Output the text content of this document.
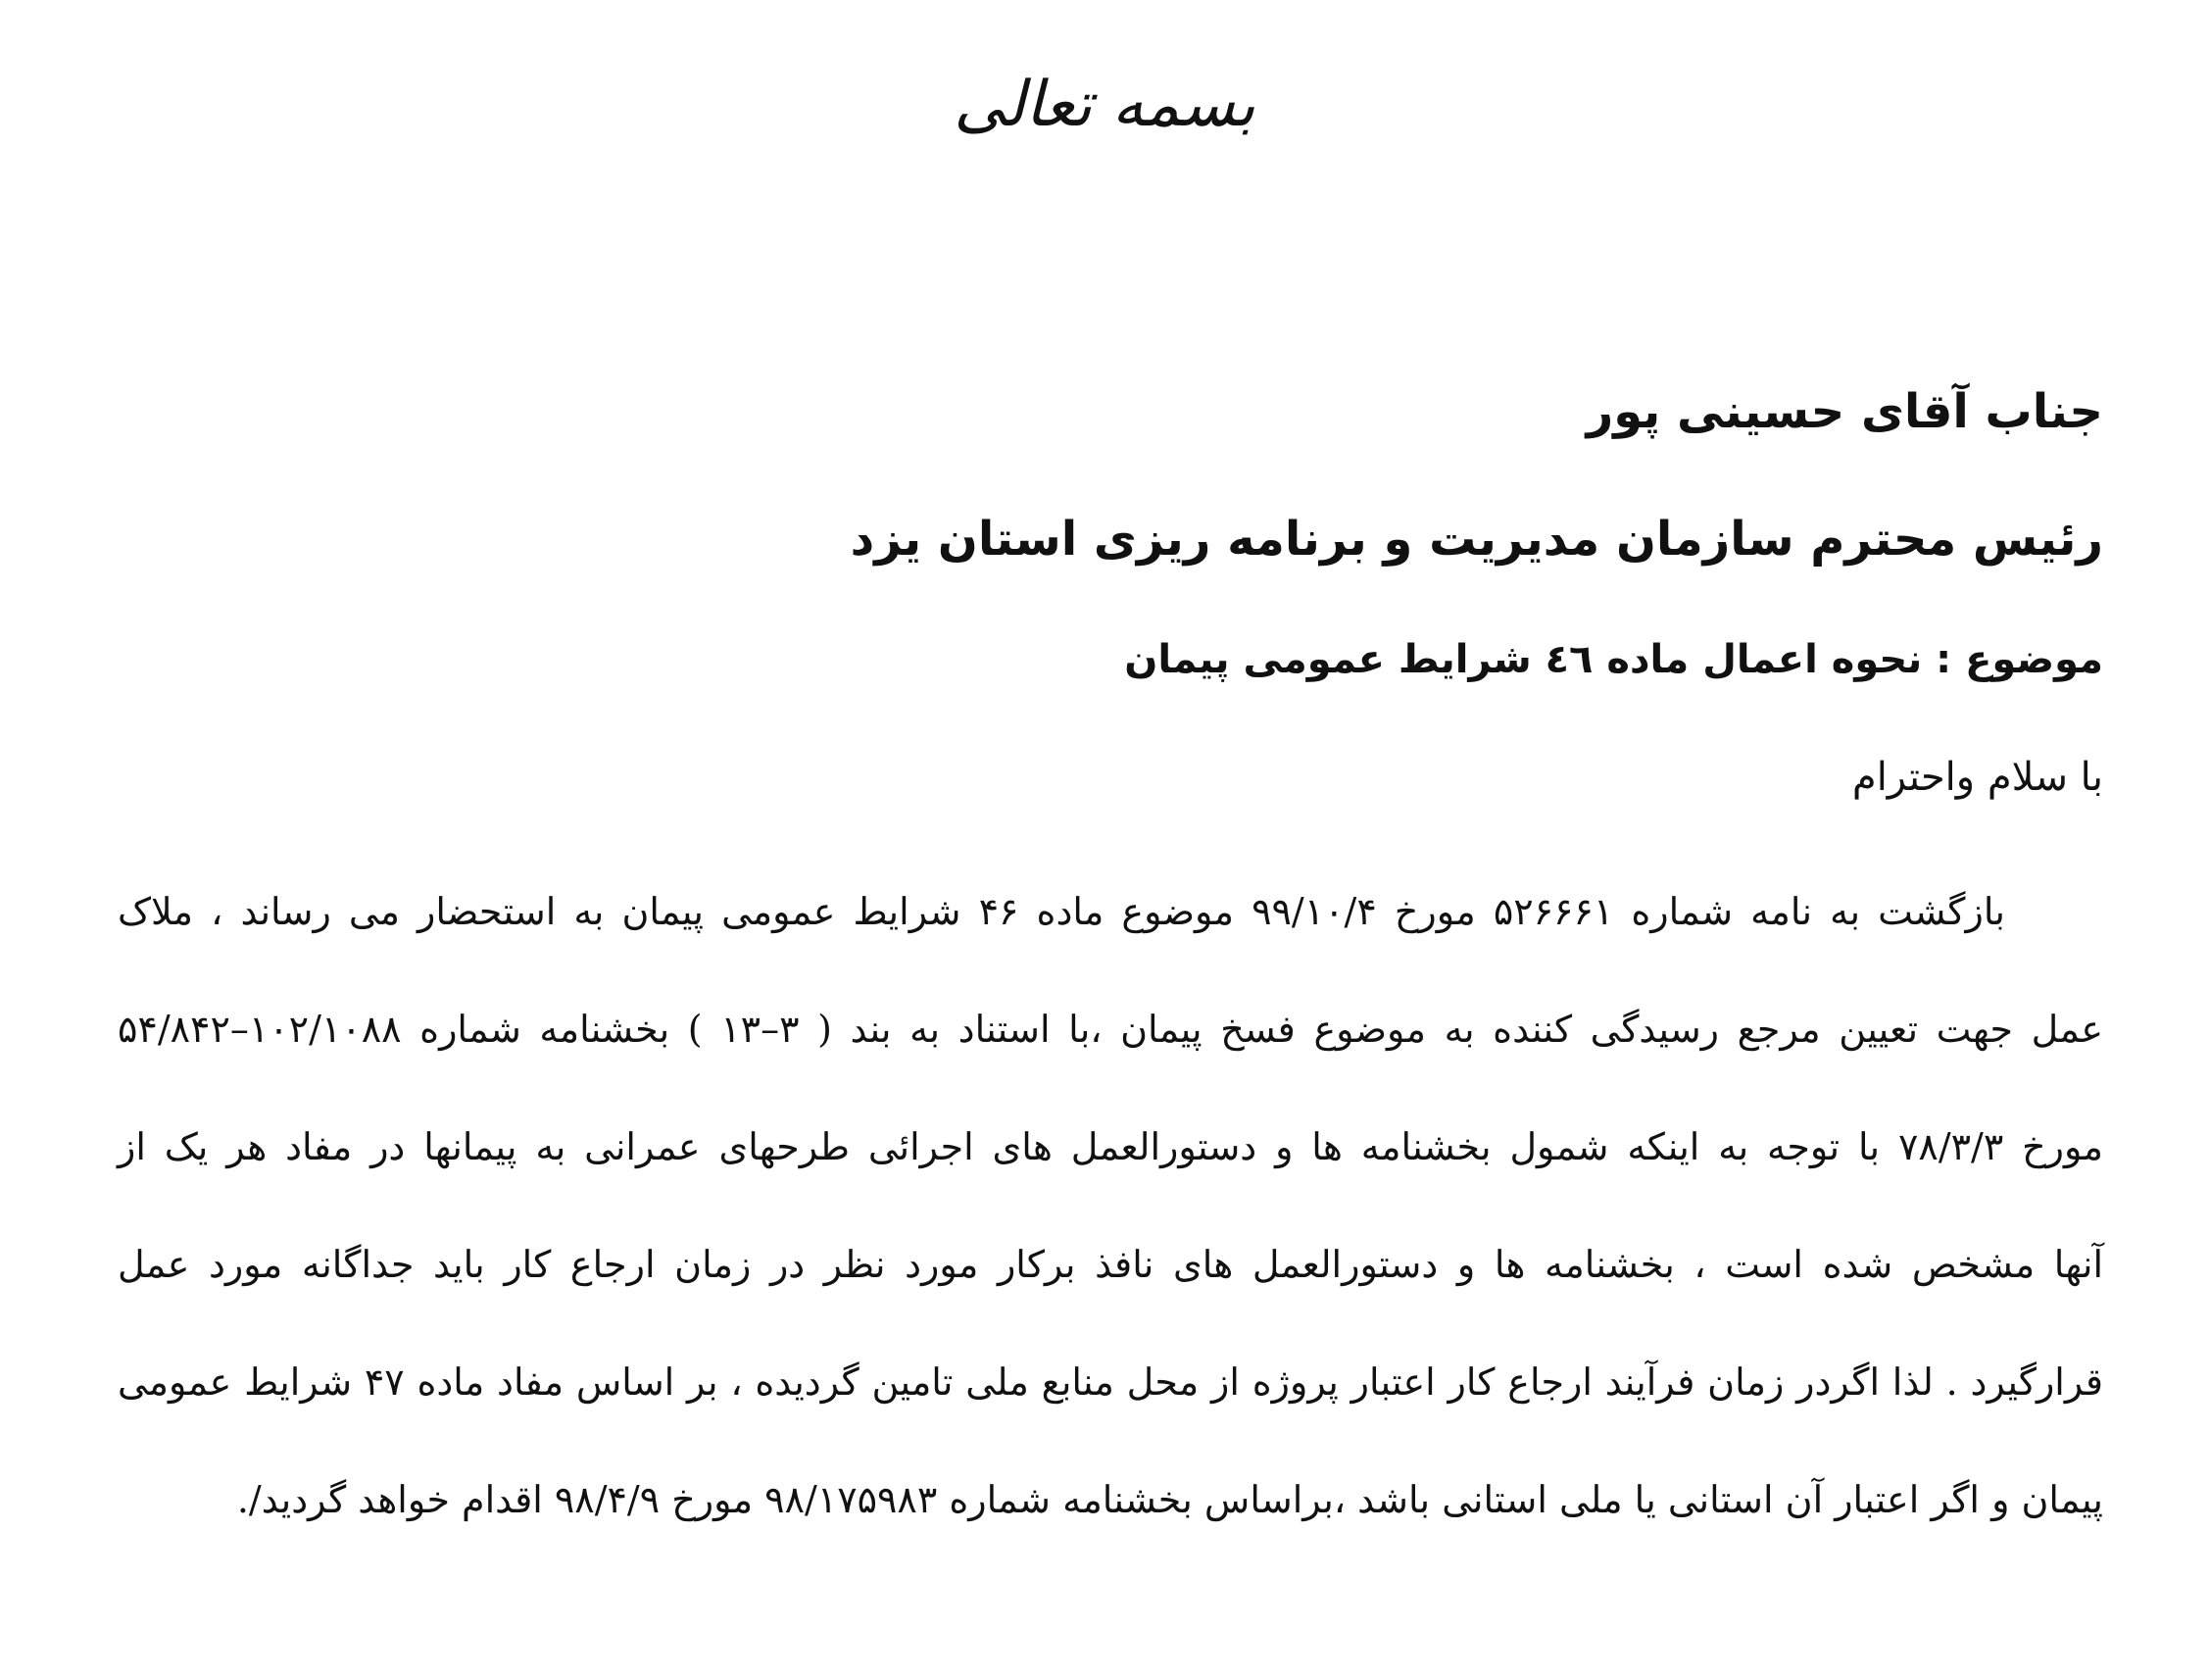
بسمه تعالی
جناب آقای حسینی پور
رئیس محترم سازمان مدیریت و برنامه ریزی استان یزد
موضوع : نحوه اعمال ماده ٤٦ شرایط عمومی پیمان
با سلام واحترام
بازگشت به نامه شماره ۵۲۶۶۶۱ مورخ ۹۹/۱۰/۴ موضوع ماده ۴۶ شرایط عمومی پیمان به استحضار می رساند ، ملاک
عمل جهت تعیین مرجع رسیدگی کننده به موضوع فسخ پیمان ،با استناد به بند ( ۳–۱۳ ) بخشنامه شماره ۱۰۲/۱۰۸۸–۵۴/۸۴۲
مورخ ۷۸/۳/۳ با توجه به اینکه شمول بخشنامه ها و دستورالعمل های اجرائی طرحهای عمرانی به پیمانها در مفاد هر یک از
آنها مشخص شده است ، بخشنامه ها و دستورالعمل های نافذ برکار مورد نظر در زمان ارجاع کار باید جداگانه مورد عمل
قرارگیرد . لذا اگردر زمان فرآیند ارجاع کار اعتبار پروژه از محل منابع ملی تامین گردیده ، بر اساس مفاد ماده ۴۷ شرایط عمومی
پیمان و اگر اعتبار آن استانی یا ملی استانی باشد ،براساس بخشنامه شماره ۹۸/۱۷۵۹۸۳ مورخ ۹۸/۴/۹ اقدام خواهد گردید/.
